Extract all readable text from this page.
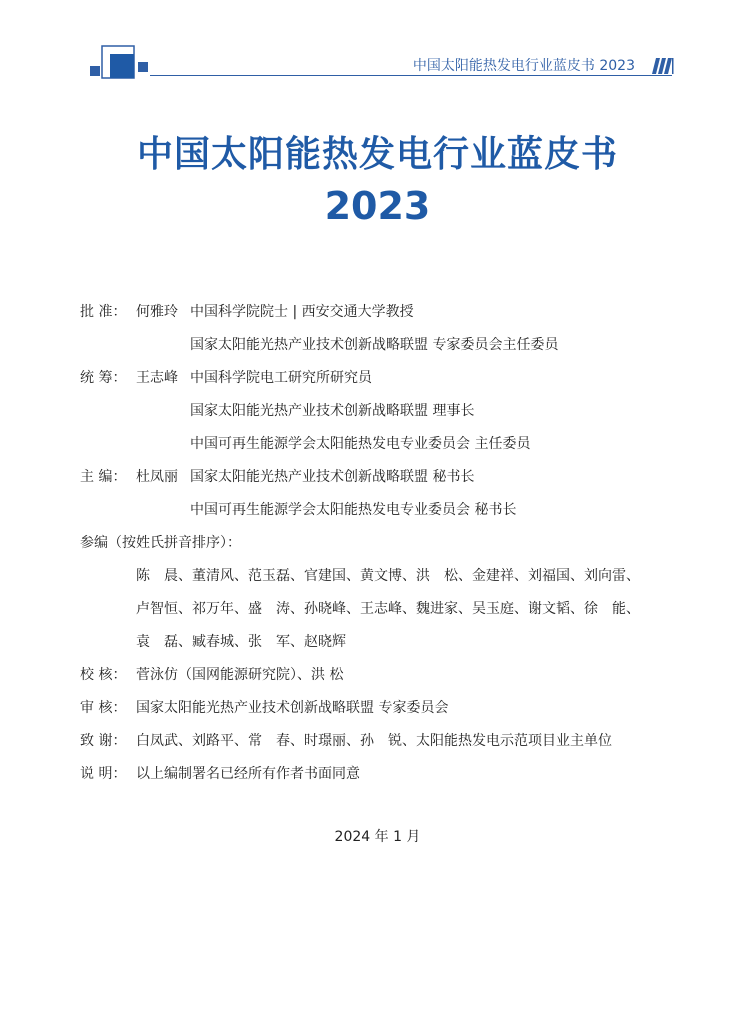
中国太阳能热发电行业蓝皮书 2023
中国太阳能热发电行业蓝皮书
2023
批 准： 何雅玲 中国科学院院士 | 西安交通大学教授
国家太阳能光热产业技术创新战略联盟 专家委员会主任委员
统 筹： 王志峰 中国科学院电工研究所研究员
国家太阳能光热产业技术创新战略联盟 理事长
中国可再生能源学会太阳能热发电专业委员会 主任委员
主 编： 杜凤丽 国家太阳能光热产业技术创新战略联盟 秘书长
中国可再生能源学会太阳能热发电专业委员会 秘书长
参编（按姓氏拼音排序）：
陈　晨、董清风、范玉磊、官建国、黄文博、洪　松、金建祥、刘福国、刘向雷、
卢智恒、祁万年、盛　涛、孙晓峰、王志峰、魏进家、吴玉庭、谢文韬、徐　能、
袁　磊、臧春城、张　军、赵晓辉
校 核： 菅泳仿（国网能源研究院）、洪 松
审 核： 国家太阳能光热产业技术创新战略联盟 专家委员会
致 谢： 白凤武、刘路平、常　春、时璟丽、孙　锐、太阳能热发电示范项目业主单位
说 明： 以上编制署名已经所有作者书面同意
2024 年 1 月
